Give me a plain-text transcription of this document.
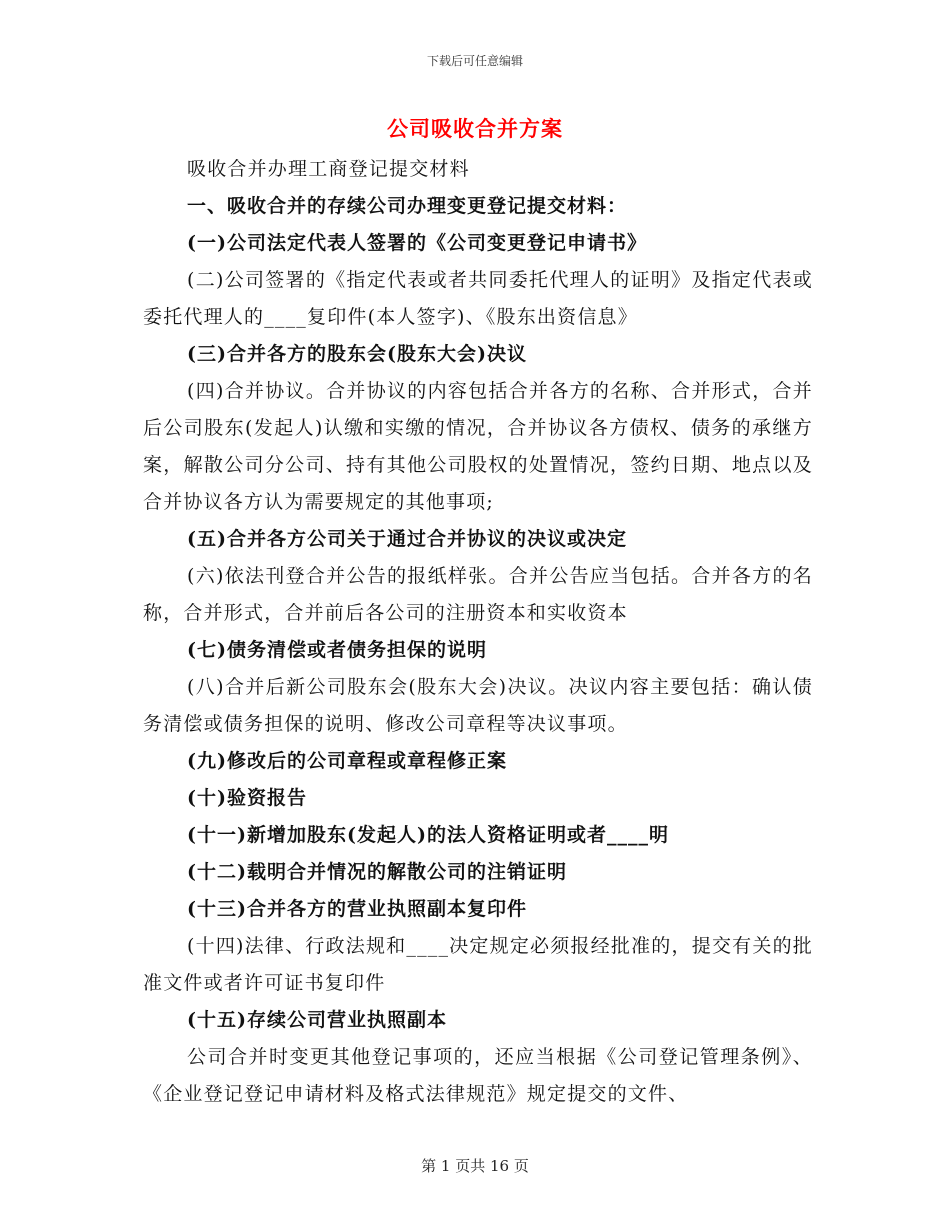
下载后可任意编辑
公司吸收合并方案

吸收合并办理工商登记提交材料

一、吸收合并的存续公司办理变更登记提交材料：

(一)公司法定代表人签署的《公司变更登记申请书》

(二)公司签署的《指定代表或者共同委托代理人的证明》及指定代表或委托代理人的____复印件(本人签字)、《股东出资信息》

(三)合并各方的股东会(股东大会)决议

(四)合并协议。合并协议的内容包括合并各方的名称、合并形式，合并后公司股东(发起人)认缴和实缴的情况，合并协议各方债权、债务的承继方案，解散公司分公司、持有其他公司股权的处置情况，签约日期、地点以及合并协议各方认为需要规定的其他事项;

(五)合并各方公司关于通过合并协议的决议或决定

(六)依法刊登合并公告的报纸样张。合并公告应当包括。合并各方的名称，合并形式，合并前后各公司的注册资本和实收资本

(七)债务清偿或者债务担保的说明

(八)合并后新公司股东会(股东大会)决议。决议内容主要包括：确认债务清偿或债务担保的说明、修改公司章程等决议事项。

(九)修改后的公司章程或章程修正案

(十)验资报告

(十一)新增加股东(发起人)的法人资格证明或者____明

(十二)载明合并情况的解散公司的注销证明

(十三)合并各方的营业执照副本复印件

(十四)法律、行政法规和____决定规定必须报经批准的，提交有关的批准文件或者许可证书复印件

(十五)存续公司营业执照副本

公司合并时变更其他登记事项的，还应当根据《公司登记管理条例》、《企业登记登记申请材料及格式法律规范》规定提交的文件、

第 1 页共 16 页
